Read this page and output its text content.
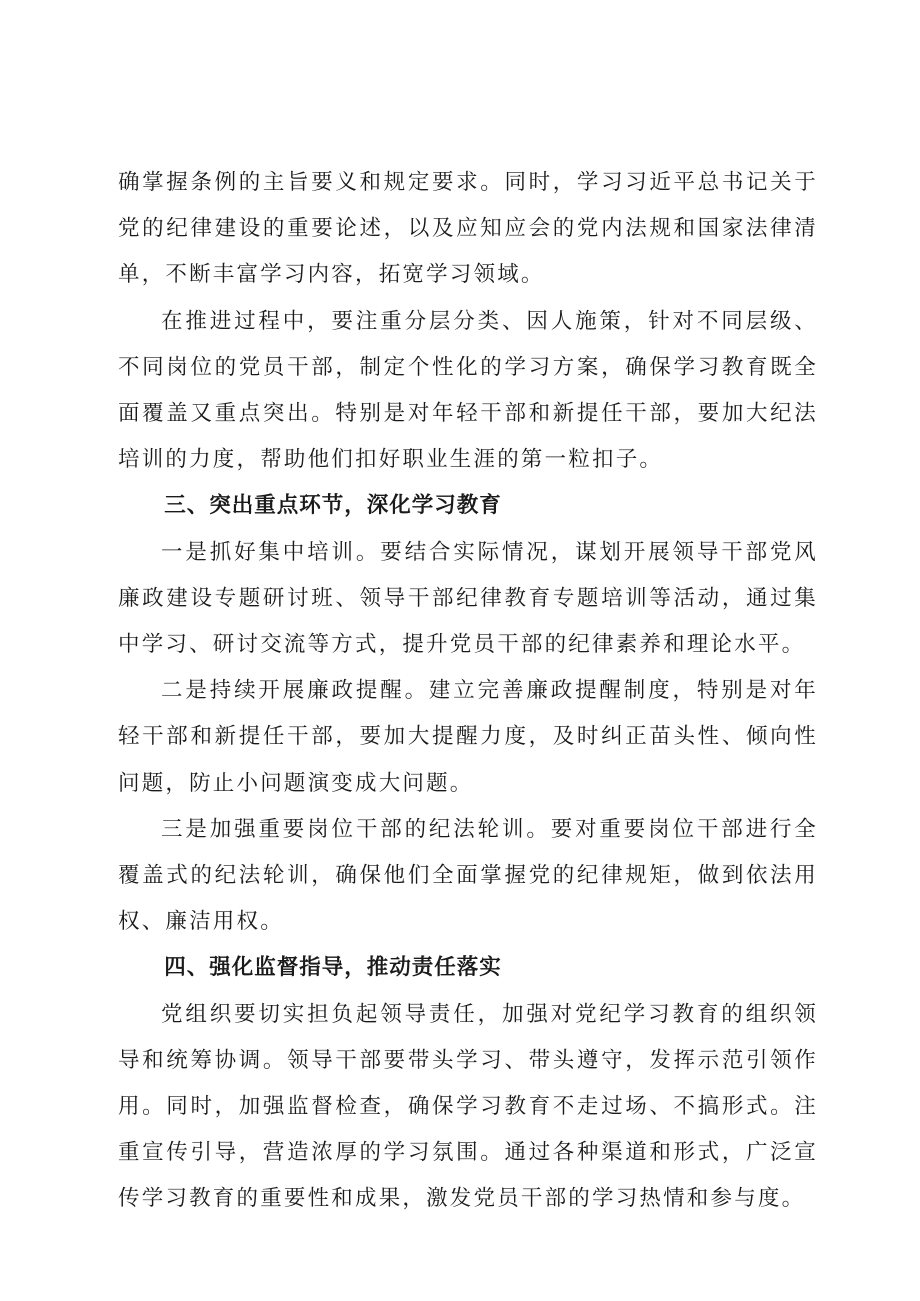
确掌握条例的主旨要义和规定要求。同时，学习习近平总书记关于党的纪律建设的重要论述，以及应知应会的党内法规和国家法律清单，不断丰富学习内容，拓宽学习领域。

在推进过程中，要注重分层分类、因人施策，针对不同层级、不同岗位的党员干部，制定个性化的学习方案，确保学习教育既全面覆盖又重点突出。特别是对年轻干部和新提任干部，要加大纪法培训的力度，帮助他们扣好职业生涯的第一粒扣子。

三、突出重点环节，深化学习教育

一是抓好集中培训。要结合实际情况，谋划开展领导干部党风廉政建设专题研讨班、领导干部纪律教育专题培训等活动，通过集中学习、研讨交流等方式，提升党员干部的纪律素养和理论水平。

二是持续开展廉政提醒。建立完善廉政提醒制度，特别是对年轻干部和新提任干部，要加大提醒力度，及时纠正苗头性、倾向性问题，防止小问题演变成大问题。

三是加强重要岗位干部的纪法轮训。要对重要岗位干部进行全覆盖式的纪法轮训，确保他们全面掌握党的纪律规矩，做到依法用权、廉洁用权。

四、强化监督指导，推动责任落实

党组织要切实担负起领导责任，加强对党纪学习教育的组织领导和统筹协调。领导干部要带头学习、带头遵守，发挥示范引领作用。同时，加强监督检查，确保学习教育不走过场、不搞形式。注重宣传引导，营造浓厚的学习氛围。通过各种渠道和形式，广泛宣传学习教育的重要性和成果，激发党员干部的学习热情和参与度。
